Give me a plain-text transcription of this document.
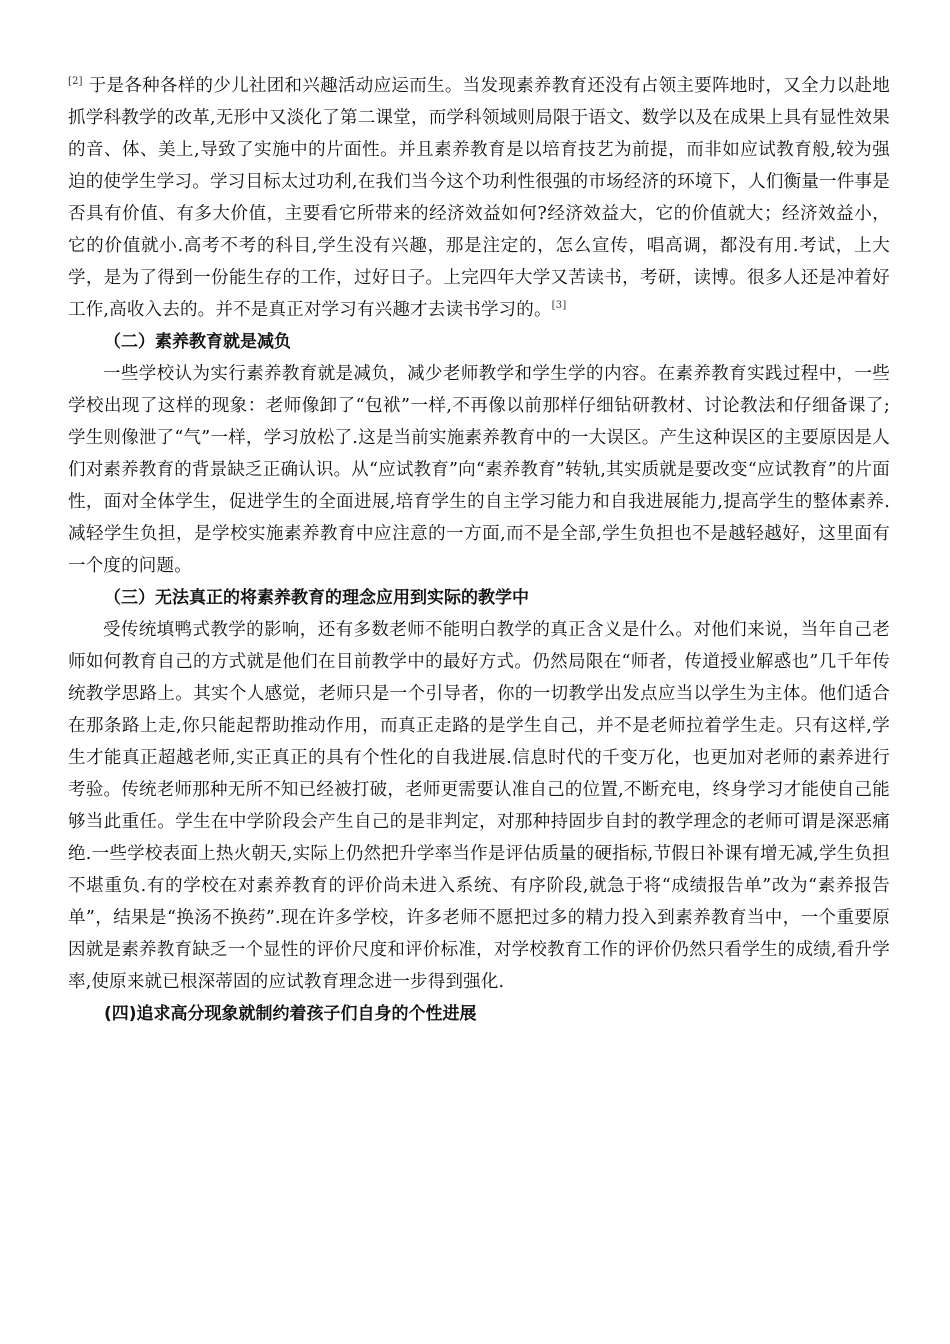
[2] 于是各种各样的少儿社团和兴趣活动应运而生。当发现素养教育还没有占领主要阵地时，又全力以赴地抓学科教学的改革,无形中又淡化了第二课堂，而学科领域则局限于语文、数学以及在成果上具有显性效果的音、体、美上,导致了实施中的片面性。并且素养教育是以培育技艺为前提，而非如应试教育般,较为强迫的使学生学习。学习目标太过功利,在我们当今这个功利性很强的市场经济的环境下，人们衡量一件事是否具有价值、有多大价值，主要看它所带来的经济效益如何?经济效益大，它的价值就大；经济效益小，它的价值就小.高考不考的科目,学生没有兴趣，那是注定的，怎么宣传，唱高调，都没有用.考试，上大学，是为了得到一份能生存的工作，过好日子。上完四年大学又苦读书，考研，读博。很多人还是冲着好工作,高收入去的。并不是真正对学习有兴趣才去读书学习的。[3]

（二）素养教育就是减负

一些学校认为实行素养教育就是减负，减少老师教学和学生学的内容。在素养教育实践过程中，一些学校出现了这样的现象：老师像卸了“包袱”一样,不再像以前那样仔细钻研教材、讨论教法和仔细备课了;学生则像泄了“气”一样，学习放松了.这是当前实施素养教育中的一大误区。产生这种误区的主要原因是人们对素养教育的背景缺乏正确认识。从“应试教育”向“素养教育”转轨,其实质就是要改变“应试教育”的片面性，面对全体学生，促进学生的全面进展,培育学生的自主学习能力和自我进展能力,提高学生的整体素养.减轻学生负担，是学校实施素养教育中应注意的一方面,而不是全部,学生负担也不是越轻越好，这里面有一个度的问题。

（三）无法真正的将素养教育的理念应用到实际的教学中

受传统填鸭式教学的影响，还有多数老师不能明白教学的真正含义是什么。对他们来说，当年自己老师如何教育自己的方式就是他们在目前教学中的最好方式。仍然局限在“师者，传道授业解惑也”几千年传统教学思路上。其实个人感觉，老师只是一个引导者，你的一切教学出发点应当以学生为主体。他们适合在那条路上走,你只能起帮助推动作用，而真正走路的是学生自己，并不是老师拉着学生走。只有这样,学生才能真正超越老师,实正真正的具有个性化的自我进展.信息时代的千变万化，也更加对老师的素养进行考验。传统老师那种无所不知已经被打破，老师更需要认准自己的位置,不断充电，终身学习才能使自己能够当此重任。学生在中学阶段会产生自己的是非判定，对那种持固步自封的教学理念的老师可谓是深恶痛绝.一些学校表面上热火朝天,实际上仍然把升学率当作是评估质量的硬指标,节假日补课有增无减,学生负担不堪重负.有的学校在对素养教育的评价尚未进入系统、有序阶段,就急于将“成绩报告单”改为“素养报告单”，结果是“换汤不换药”.现在许多学校，许多老师不愿把过多的精力投入到素养教育当中，一个重要原因就是素养教育缺乏一个显性的评价尺度和评价标准，对学校教育工作的评价仍然只看学生的成绩,看升学率,使原来就已根深蒂固的应试教育理念进一步得到强化.

(四)追求高分现象就制约着孩子们自身的个性进展
